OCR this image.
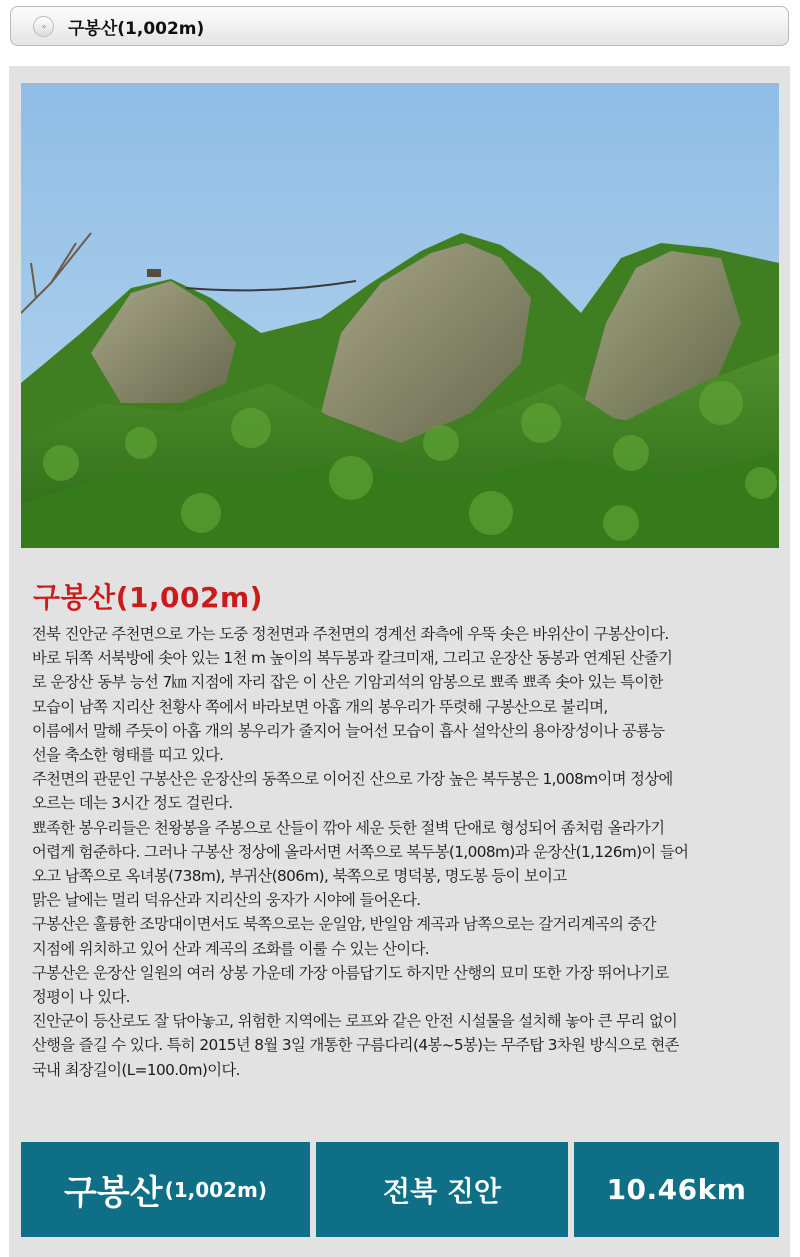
»	구봉산(1,002m)
구봉산(1,002m)

전북 진안군 주천면으로 가는 도중 정천면과 주천면의 경계선 좌측에 우뚝 솟은 바위산이 구봉산이다.

바로 뒤쪽 서북방에 솟아 있는 1천 m 높이의 복두봉과 칼크미재, 그리고 운장산 동봉과 연계된 산줄기

로 운장산 동부 능선 7㎞ 지점에 자리 잡은 이 산은 기암괴석의 암봉으로 뾰족 뾰족 솟아 있는 특이한

모습이 남쪽 지리산 천황사 쪽에서 바라보면 아홉 개의 봉우리가 뚜렷해 구봉산으로 불리며,

이름에서 말해 주듯이 아홉 개의 봉우리가 줄지어 늘어선 모습이 흡사 설악산의 용아장성이나 공룡능

선을 축소한 형태를 띠고 있다.

주천면의 관문인 구봉산은 운장산의 동쪽으로 이어진 산으로 가장 높은 복두봉은 1,008m이며 정상에

오르는 데는 3시간 정도 걸린다.

뾰족한 봉우리들은 천왕봉을 주봉으로 산들이 깎아 세운 듯한 절벽 단애로 형성되어 좀처럼 올라가기

어렵게 험준하다. 그러나 구봉산 정상에 올라서면 서쪽으로 복두봉(1,008m)과 운장산(1,126m)이 들어

오고 남쪽으로 옥녀봉(738m), 부귀산(806m), 북쪽으로 명덕봉, 명도봉 등이 보이고

맑은 날에는 멀리 덕유산과 지리산의 웅자가 시야에 들어온다.

구봉산은 훌륭한 조망대이면서도 북쪽으로는 운일암, 반일암 계곡과 남쪽으로는 갈거리계곡의 중간

지점에 위치하고 있어 산과 계곡의 조화를 이룰 수 있는 산이다.

구봉산은 운장산 일원의 여러 상봉 가운데 가장 아름답기도 하지만 산행의 묘미 또한 가장 뛰어나기로

정평이 나 있다.

진안군이 등산로도 잘 닦아놓고, 위험한 지역에는 로프와 같은 안전 시설물을 설치해 놓아 큰 무리 없이

산행을 즐길 수 있다. 특히 2015년 8월 3일 개통한 구름다리(4봉~5봉)는 무주탑 3차원 방식으로 현존

국내 최장길이(L=100.0m)이다.

구봉산 (1,002m)	전북 진안	10.46km
